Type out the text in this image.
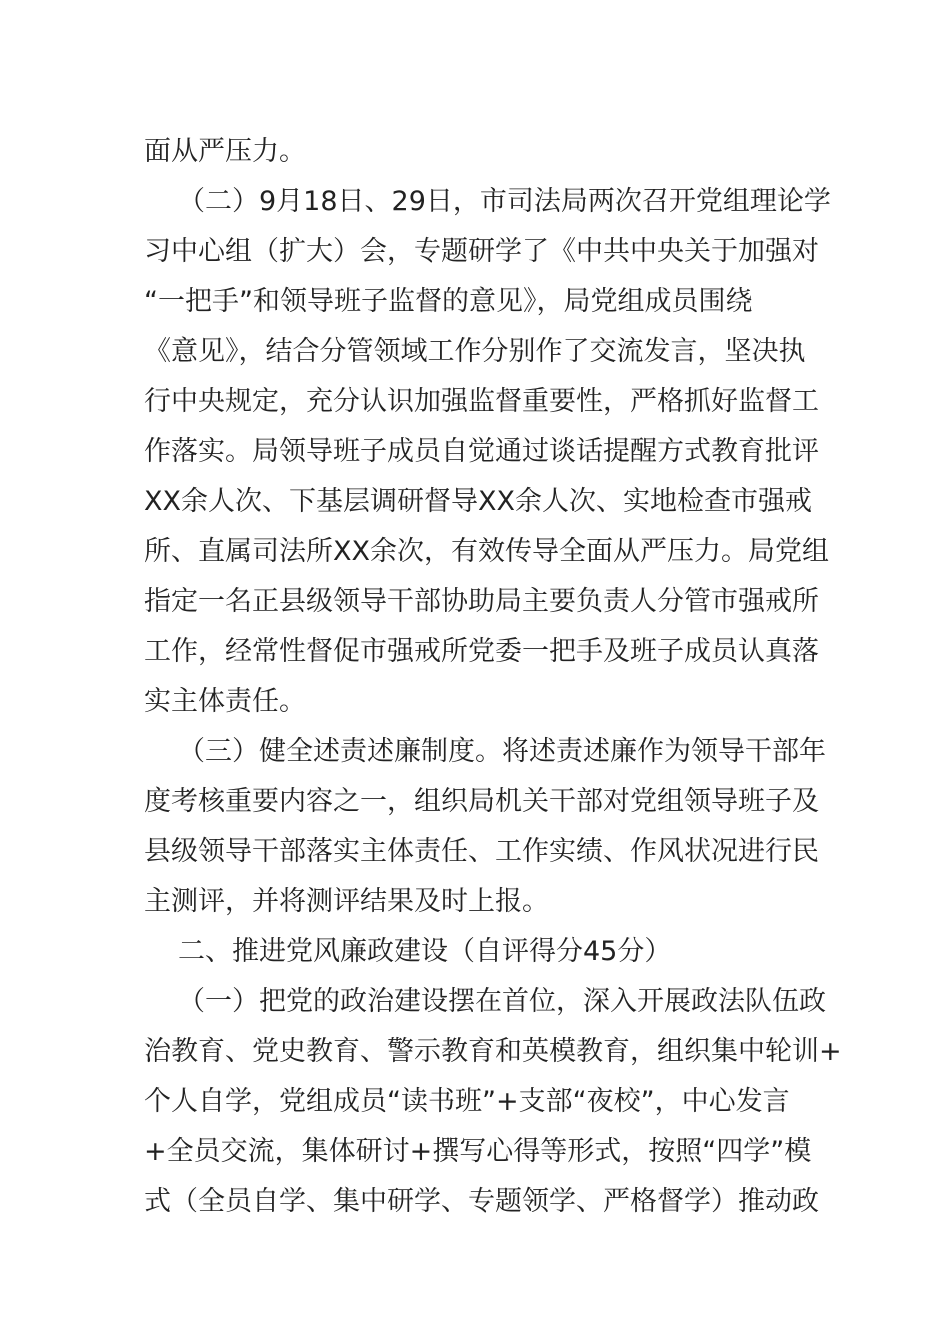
面从严压力。
（二）9月18日、29日，市司法局两次召开党组理论学
习中心组（扩大）会，专题研学了《中共中央关于加强对
“一把手”和领导班子监督的意见》，局党组成员围绕
《意见》，结合分管领域工作分别作了交流发言，坚决执
行中央规定，充分认识加强监督重要性，严格抓好监督工
作落实。局领导班子成员自觉通过谈话提醒方式教育批评
XX余人次、下基层调研督导XX余人次、实地检查市强戒
所、直属司法所XX余次，有效传导全面从严压力。局党组
指定一名正县级领导干部协助局主要负责人分管市强戒所
工作，经常性督促市强戒所党委一把手及班子成员认真落
实主体责任。
（三）健全述责述廉制度。将述责述廉作为领导干部年
度考核重要内容之一，组织局机关干部对党组领导班子及
县级领导干部落实主体责任、工作实绩、作风状况进行民
主测评，并将测评结果及时上报。
二、推进党风廉政建设（自评得分45分）
（一）把党的政治建设摆在首位，深入开展政法队伍政
治教育、党史教育、警示教育和英模教育，组织集中轮训+
个人自学，党组成员“读书班”+支部“夜校”，中心发言
+全员交流，集体研讨+撰写心得等形式，按照“四学”模
式（全员自学、集中研学、专题领学、严格督学）推动政
